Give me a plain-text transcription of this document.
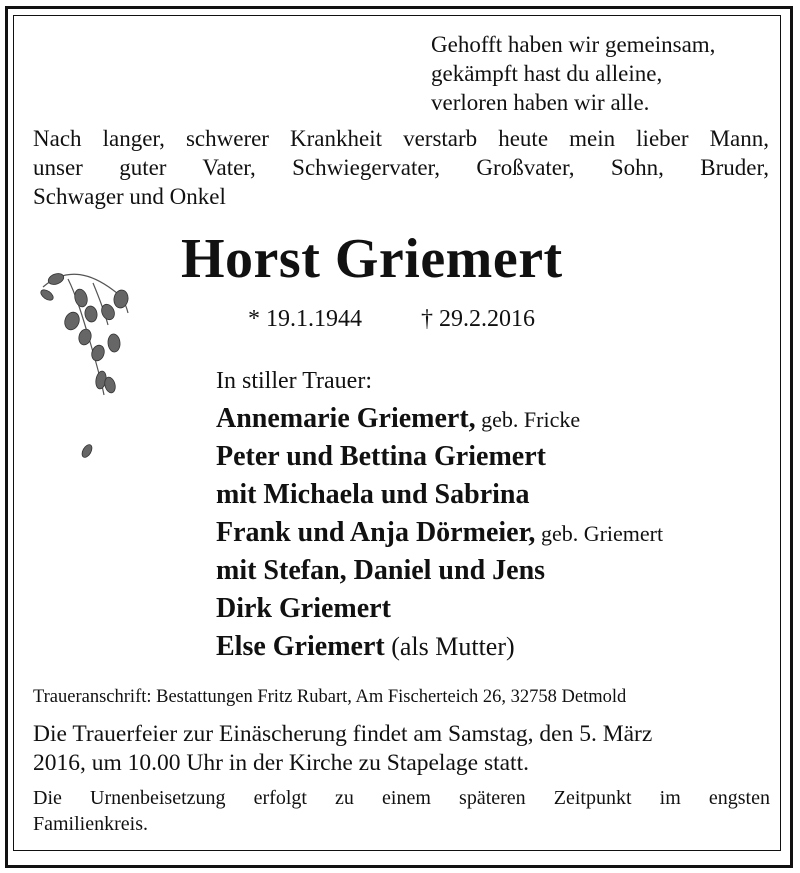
Gehofft haben wir gemeinsam,
gekämpft hast du alleine,
verloren haben wir alle.
Nach langer, schwerer Krankheit verstarb heute mein lieber Mann,
unser guter Vater, Schwiegervater, Großvater, Sohn, Bruder,
Schwager und Onkel
Horst Griemert
* 19.1.1944 † 29.2.2016
In stiller Trauer:
Annemarie Griemert, geb. Fricke
Peter und Bettina Griemert
mit Michaela und Sabrina
Frank und Anja Dörmeier, geb. Griemert
mit Stefan, Daniel und Jens
Dirk Griemert
Else Griemert (als Mutter)
Traueranschrift: Bestattungen Fritz Rubart, Am Fischerteich 26, 32758 Detmold
Die Trauerfeier zur Einäscherung findet am Samstag, den 5. März
2016, um 10.00 Uhr in der Kirche zu Stapelage statt.
Die Urnenbeisetzung erfolgt zu einem späteren Zeitpunkt im engsten
Familienkreis.
